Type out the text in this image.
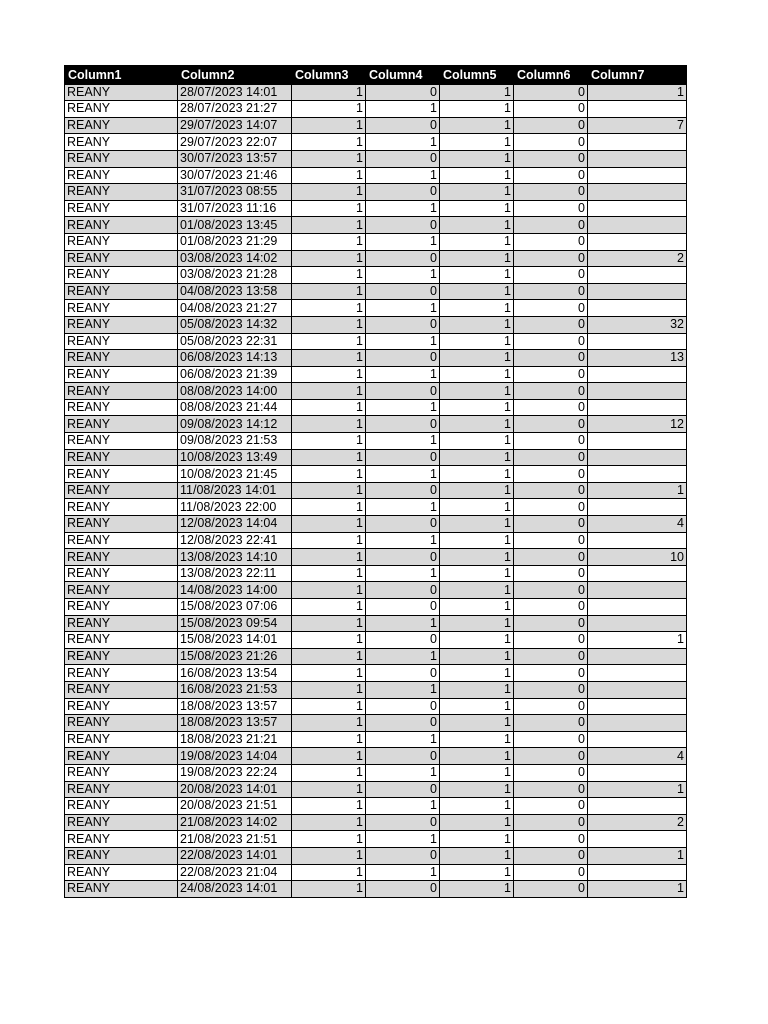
Column1	Column2	Column3	Column4	Column5	Column6	Column7
REANY	28/07/2023 14:01	1	0	1	0	1
REANY	28/07/2023 21:27	1	1	1	0	
REANY	29/07/2023 14:07	1	0	1	0	7
REANY	29/07/2023 22:07	1	1	1	0	
REANY	30/07/2023 13:57	1	0	1	0	
REANY	30/07/2023 21:46	1	1	1	0	
REANY	31/07/2023 08:55	1	0	1	0	
REANY	31/07/2023 11:16	1	1	1	0	
REANY	01/08/2023 13:45	1	0	1	0	
REANY	01/08/2023 21:29	1	1	1	0	
REANY	03/08/2023 14:02	1	0	1	0	2
REANY	03/08/2023 21:28	1	1	1	0	
REANY	04/08/2023 13:58	1	0	1	0	
REANY	04/08/2023 21:27	1	1	1	0	
REANY	05/08/2023 14:32	1	0	1	0	32
REANY	05/08/2023 22:31	1	1	1	0	
REANY	06/08/2023 14:13	1	0	1	0	13
REANY	06/08/2023 21:39	1	1	1	0	
REANY	08/08/2023 14:00	1	0	1	0	
REANY	08/08/2023 21:44	1	1	1	0	
REANY	09/08/2023 14:12	1	0	1	0	12
REANY	09/08/2023 21:53	1	1	1	0	
REANY	10/08/2023 13:49	1	0	1	0	
REANY	10/08/2023 21:45	1	1	1	0	
REANY	11/08/2023 14:01	1	0	1	0	1
REANY	11/08/2023 22:00	1	1	1	0	
REANY	12/08/2023 14:04	1	0	1	0	4
REANY	12/08/2023 22:41	1	1	1	0	
REANY	13/08/2023 14:10	1	0	1	0	10
REANY	13/08/2023 22:11	1	1	1	0	
REANY	14/08/2023 14:00	1	0	1	0	
REANY	15/08/2023 07:06	1	0	1	0	
REANY	15/08/2023 09:54	1	1	1	0	
REANY	15/08/2023 14:01	1	0	1	0	1
REANY	15/08/2023 21:26	1	1	1	0	
REANY	16/08/2023 13:54	1	0	1	0	
REANY	16/08/2023 21:53	1	1	1	0	
REANY	18/08/2023 13:57	1	0	1	0	
REANY	18/08/2023 13:57	1	0	1	0	
REANY	18/08/2023 21:21	1	1	1	0	
REANY	19/08/2023 14:04	1	0	1	0	4
REANY	19/08/2023 22:24	1	1	1	0	
REANY	20/08/2023 14:01	1	0	1	0	1
REANY	20/08/2023 21:51	1	1	1	0	
REANY	21/08/2023 14:02	1	0	1	0	2
REANY	21/08/2023 21:51	1	1	1	0	
REANY	22/08/2023 14:01	1	0	1	0	1
REANY	22/08/2023 21:04	1	1	1	0	
REANY	24/08/2023 14:01	1	0	1	0	1
